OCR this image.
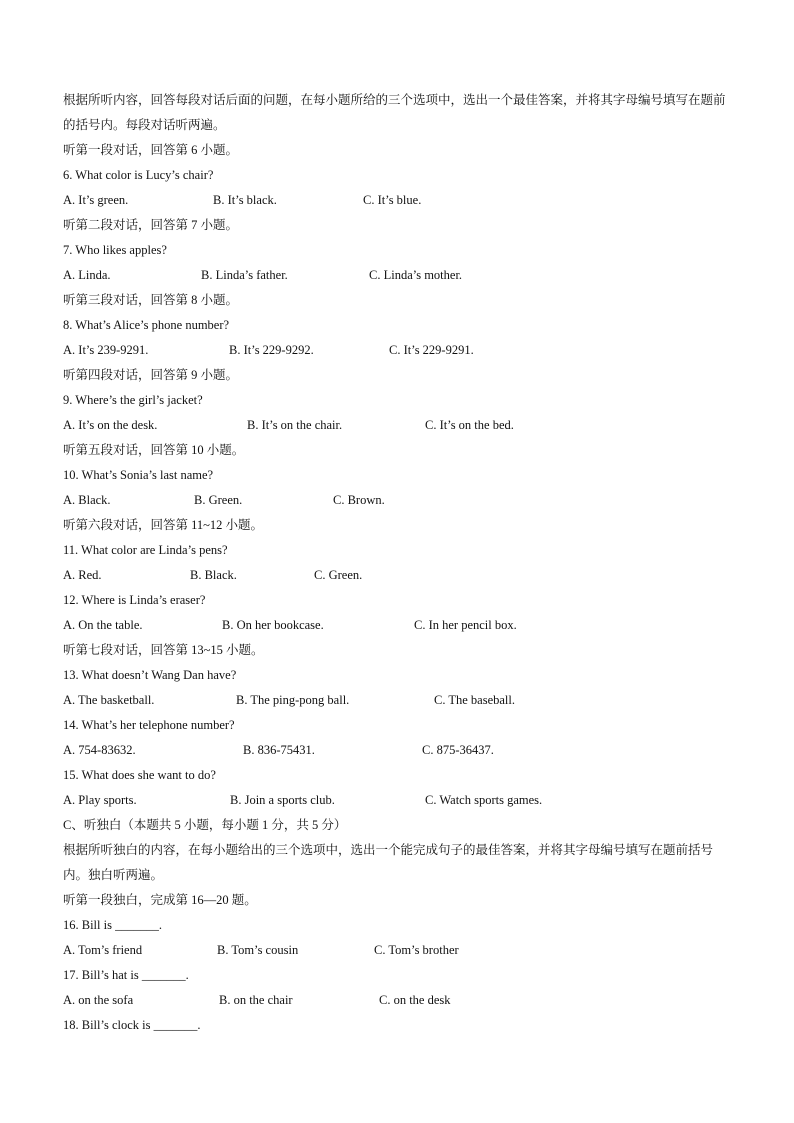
根据所听内容，回答每段对话后面的问题，在每小题所给的三个选项中，选出一个最佳答案，并将其字母编号填写在题前的括号内。每段对话听两遍。
听第一段对话，回答第 6 小题。
6. What color is Lucy’s chair?
A. It’s green.	B. It’s black.	C. It’s blue.
听第二段对话，回答第 7 小题。
7. Who likes apples?
A. Linda.	B. Linda’s father.	C. Linda’s mother.
听第三段对话，回答第 8 小题。
8. What’s Alice’s phone number?
A. It’s 239-9291.	B. It’s 229-9292.	C. It’s 229-9291.
听第四段对话，回答第 9 小题。
9. Where’s the girl’s jacket?
A. It’s on the desk.	B. It’s on the chair.	C. It’s on the bed.
听第五段对话，回答第 10 小题。
10. What’s Sonia’s last name?
A. Black.	B. Green.	C. Brown.
听第六段对话，回答第 11~12 小题。
11. What color are Linda’s pens?
A. Red.	B. Black.	C. Green.
12. Where is Linda’s eraser?
A. On the table.	B. On her bookcase.	C. In her pencil box.
听第七段对话，回答第 13~15 小题。
13. What doesn’t Wang Dan have?
A. The basketball.	B. The ping-pong ball.	C. The baseball.
14. What’s her telephone number?
A. 754-83632.	B. 836-75431.	C. 875-36437.
15. What does she want to do?
A. Play sports.	B. Join a sports club.	C. Watch sports games.
C、听独白（本题共 5 小题，每小题 1 分，共 5 分）
根据所听独白的内容，在每小题给出的三个选项中，选出一个能完成句子的最佳答案，并将其字母编号填写在题前括号内。独白听两遍。
听第一段独白，完成第 16—20 题。
16. Bill is _______.
A. Tom’s friend	B. Tom’s cousin	C. Tom’s brother
17. Bill’s hat is _______.
A. on the sofa	B. on the chair	C. on the desk
18. Bill’s clock is _______.
